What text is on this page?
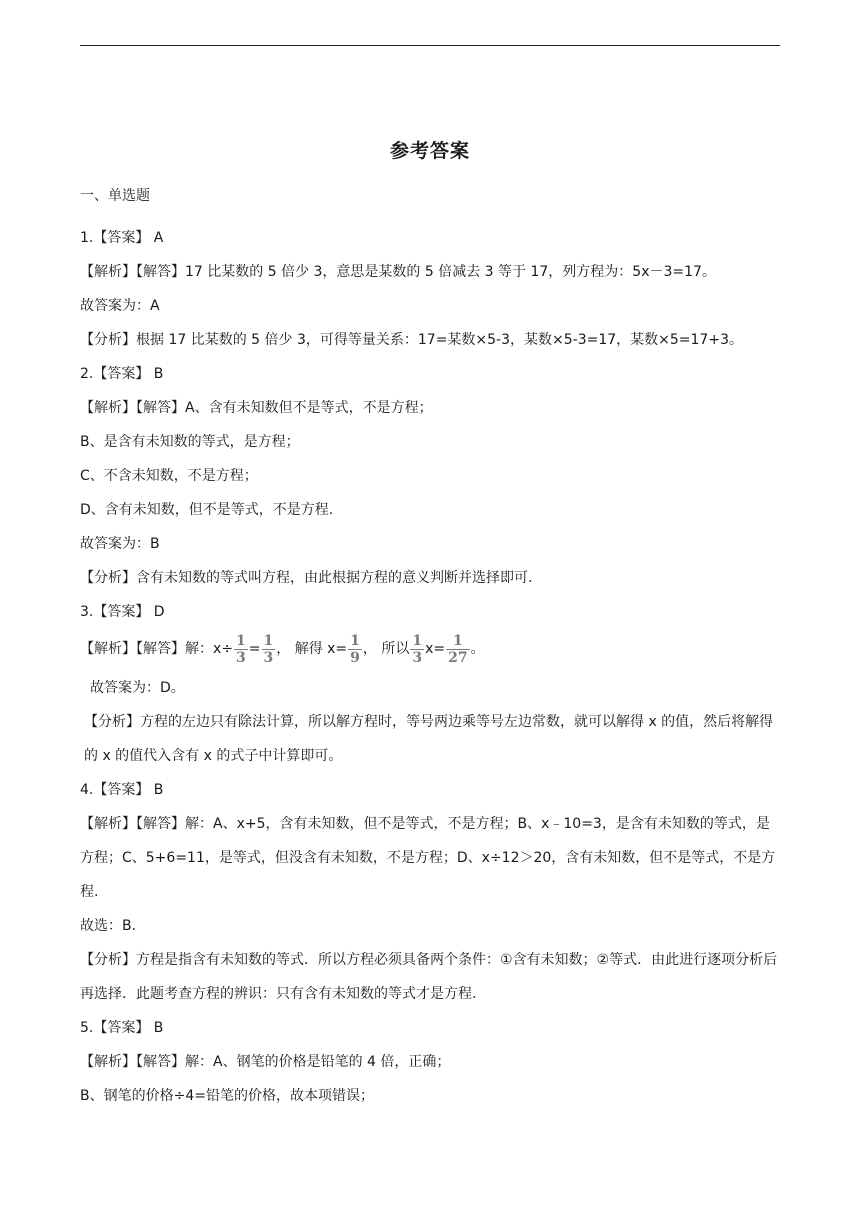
参考答案
一、单选题
1.【答案】 A
【解析】【解答】17 比某数的 5 倍少 3，意思是某数的 5 倍减去 3 等于 17，列方程为：5x－3=17。
故答案为：A
【分析】根据 17 比某数的 5 倍少 3，可得等量关系：17=某数×5-3，某数×5-3=17，某数×5=17+3。
2.【答案】 B
【解析】【解答】A、含有未知数但不是等式，不是方程；
B、是含有未知数的等式，是方程；
C、不含未知数，不是方程；
D、含有未知数，但不是等式，不是方程.
故答案为：B
【分析】含有未知数的等式叫方程，由此根据方程的意义判断并选择即可.
3.【答案】 D
【解析】【解答】解：$x\div \frac{1}{3} = \frac{1}{3}$ ， 解得 $x= \frac{1}{9}$ ， 所以 $\frac{1}{3} x= \frac{1}{27}$ 。
故答案为：D。
【分析】方程的左边只有除法计算，所以解方程时，等号两边乘等号左边常数，就可以解得 x 的值，然后将解得的 x 的值代入含有 x 的式子中计算即可。
4.【答案】 B
【解析】【解答】解：A、x+5，含有未知数，但不是等式，不是方程；B、x﹣10=3，是含有未知数的等式，是方程；C、5+6=11，是等式，但没含有未知数，不是方程；D、x÷12＞20，含有未知数，但不是等式，不是方程.
故选：B.
【分析】方程是指含有未知数的等式．所以方程必须具备两个条件：①含有未知数；②等式．由此进行逐项分析后再选择．此题考查方程的辨识：只有含有未知数的等式才是方程.
5.【答案】 B
【解析】【解答】解：A、钢笔的价格是铅笔的 4 倍，正确；
B、钢笔的价格÷4=铅笔的价格，故本项错误；
